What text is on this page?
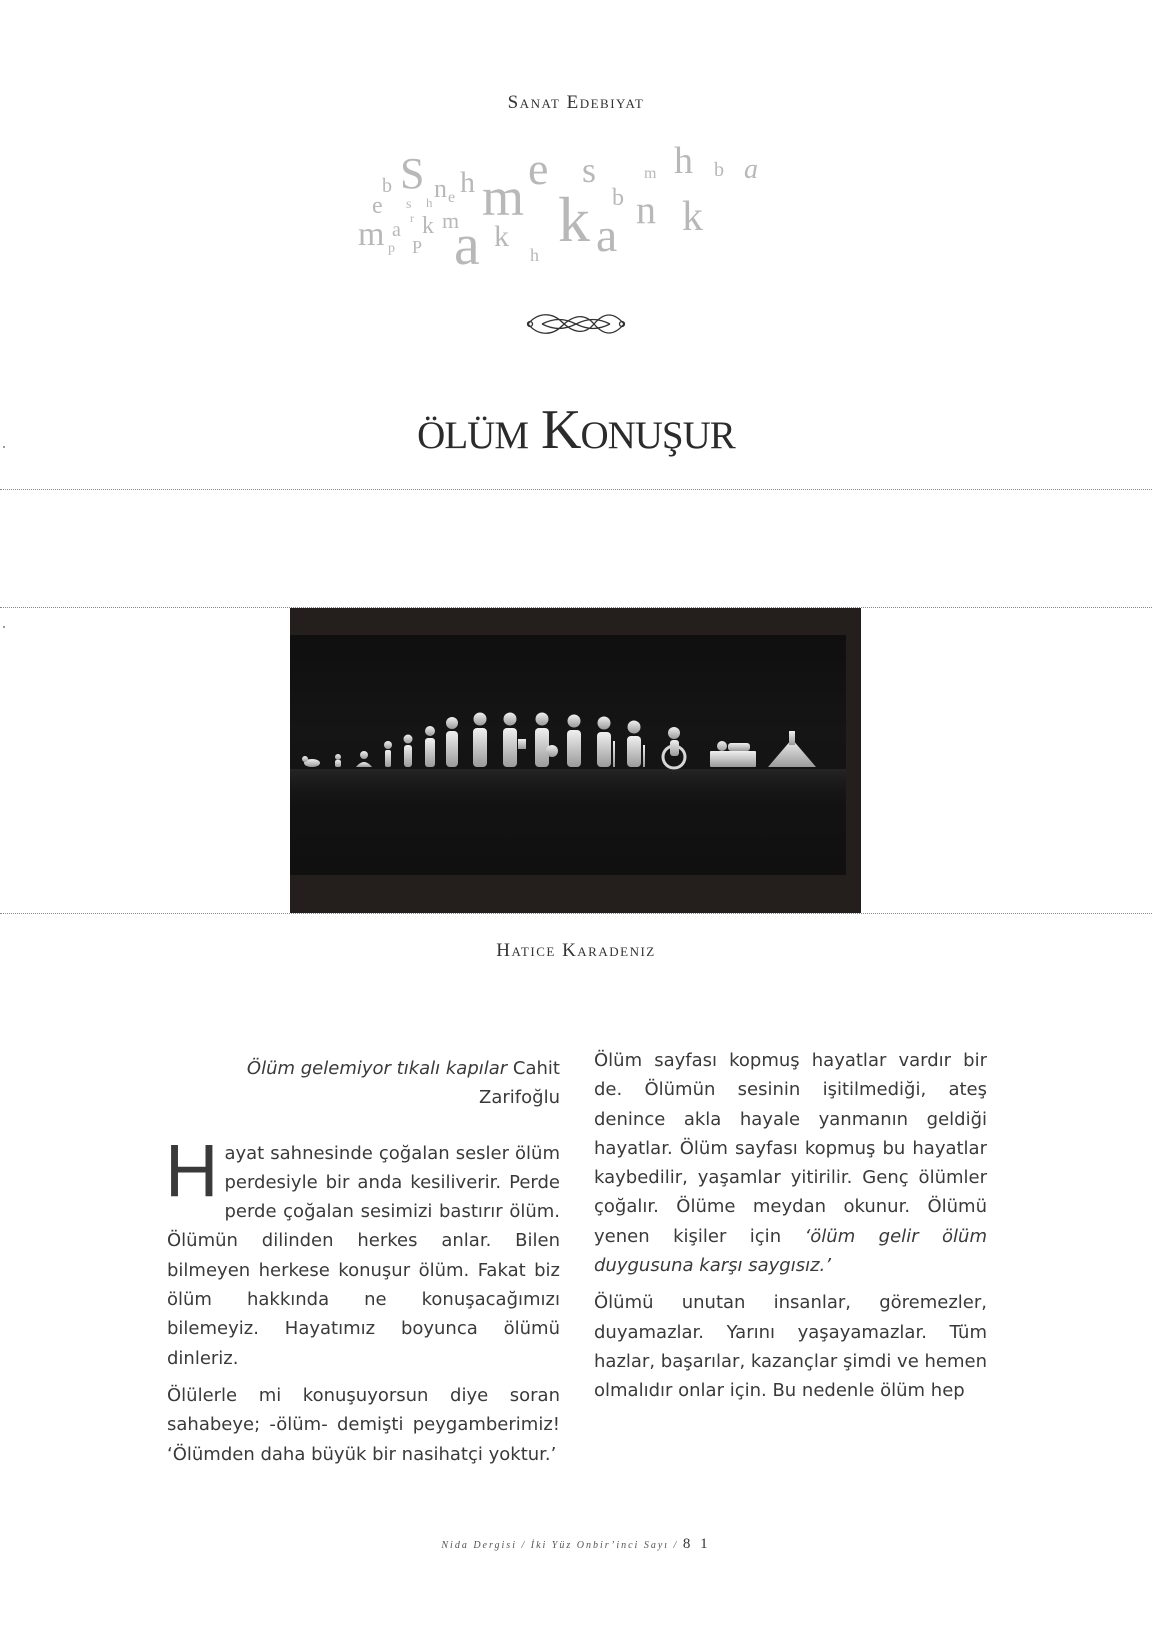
Sanat Edebiyat
b S
e s h n e h
m a
r k m
P
p a k
h
m e s
b
k
m
a n
h b a
k
ölüm Konuşur
Hatice Karadeniz

Ölüm gelemiyor tıkalı kapılar Cahit Zarifoğlu

Hayat sahnesinde çoğalan sesler ölüm perdesiyle bir anda kesiliverir. Perde perde çoğalan sesimizi bastırır ölüm. Ölümün dilinden herkes anlar. Bilen bilmeyen herkese konuşur ölüm. Fakat biz ölüm hakkında ne konuşacağımızı bilemeyiz. Hayatımız boyunca ölümü dinleriz.

Ölülerle mi konuşuyorsun diye soran sahabeye; -ölüm- demişti peygamberimiz! ‘Ölümden daha büyük bir nasihatçi yoktur.’

Ölüm sayfası kopmuş hayatlar vardır bir de. Ölümün sesinin işitilmediği, ateş denince akla hayale yanmanın geldiği hayatlar. Ölüm sayfası kopmuş bu hayatlar kaybedilir, yaşamlar yitirilir. Genç ölümler çoğalır. Ölüme meydan okunur. Ölümü yenen kişiler için ‘ölüm gelir ölüm duygusuna karşı saygısız.’

Ölümü unutan insanlar, göremezler, duyamazlar. Yarını yaşayamazlar. Tüm hazlar, başarılar, kazançlar şimdi ve hemen olmalıdır onlar için. Bu nedenle ölüm hep

Nida Dergisi / İki Yüz Onbir’inci Sayı / 8 1
